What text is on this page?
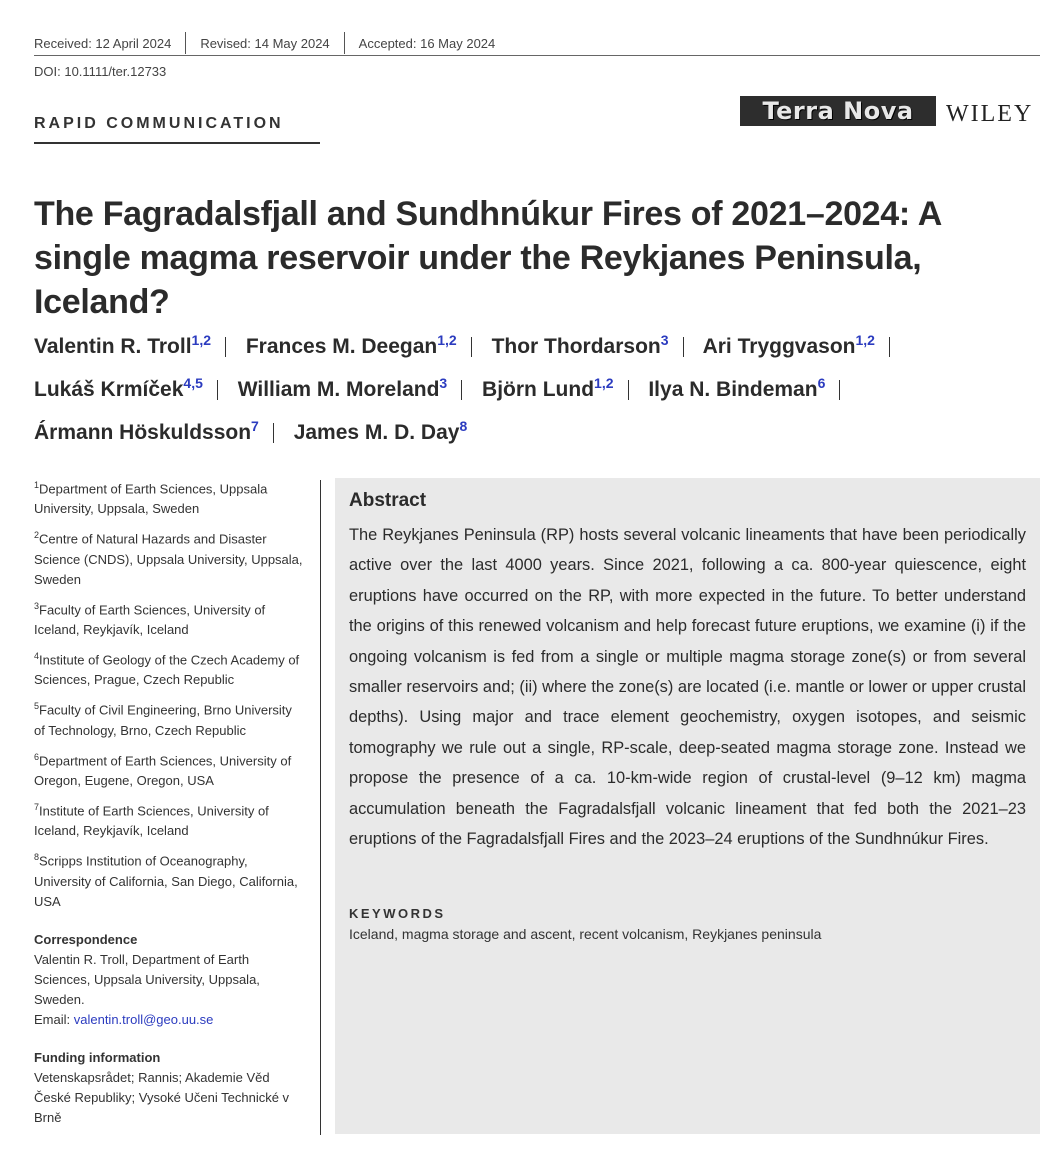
Received: 12 April 2024 Revised: 14 May 2024 Accepted: 16 May 2024
DOI: 10.1111/ter.12733
RAPID COMMUNICATION	Terra Nova WILEY
The Fagradalsfjall and Sundhnúkur Fires of 2021–2024: A single magma reservoir under the Reykjanes Peninsula, Iceland?
Valentin R. Troll$^{1,2}$ Frances M. Deegan$^{1,2}$ Thor Thordarson$^3$ Ari Tryggvason$^{1,2}$
Lukáš Krmíček$^{4,5}$ William M. Moreland$^3$ Björn Lund$^{1,2}$ Ilya N. Bindeman$^6$
Ármann Höskuldsson$^7$ James M. D. Day$^8$
$^1$Department of Earth Sciences, Uppsala University, Uppsala, Sweden
$^2$Centre of Natural Hazards and Disaster Science (CNDS), Uppsala University, Uppsala, Sweden
$^3$Faculty of Earth Sciences, University of Iceland, Reykjavík, Iceland
$^4$Institute of Geology of the Czech Academy of Sciences, Prague, Czech Republic
$^5$Faculty of Civil Engineering, Brno University of Technology, Brno, Czech Republic
$^6$Department of Earth Sciences, University of Oregon, Eugene, Oregon, USA
$^7$Institute of Earth Sciences, University of Iceland, Reykjavík, Iceland
$^8$Scripps Institution of Oceanography, University of California, San Diego, California, USA
Correspondence
Valentin R. Troll, Department of Earth Sciences, Uppsala University, Uppsala, Sweden.
Email: valentin.troll@geo.uu.se
Funding information
Vetenskapsrådet; Rannis; Akademie Věd České Republiky; Vysoké Učeni Technické v Brně
Abstract
The Reykjanes Peninsula (RP) hosts several volcanic lineaments that have been periodically active over the last 4000 years. Since 2021, following a ca. 800-year quiescence, eight eruptions have occurred on the RP, with more expected in the future. To better understand the origins of this renewed volcanism and help forecast future eruptions, we examine (i) if the ongoing volcanism is fed from a single or multiple magma storage zone(s) or from several smaller reservoirs and; (ii) where the zone(s) are located (i.e. mantle or lower or upper crustal depths). Using major and trace element geochemistry, oxygen isotopes, and seismic tomography we rule out a single, RP-scale, deep-seated magma storage zone. Instead we propose the presence of a ca. 10-km-wide region of crustal-level (9–12 km) magma accumulation beneath the Fagradalsfjall volcanic lineament that fed both the 2021–23 eruptions of the Fagradalsfjall Fires and the 2023–24 eruptions of the Sundhnúkur Fires.
KEYWORDS
Iceland, magma storage and ascent, recent volcanism, Reykjanes peninsula
